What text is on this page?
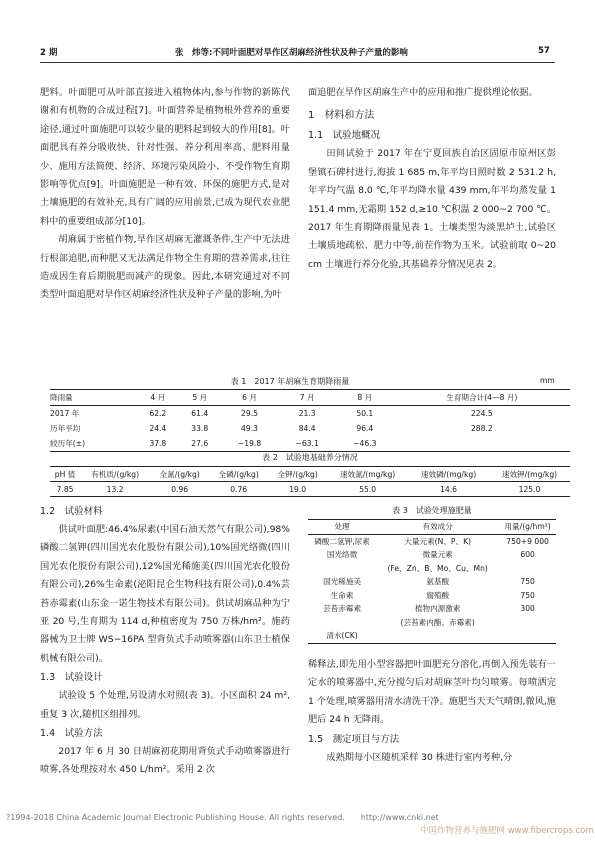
2 期	张　炜等:不同叶面肥对旱作区胡麻经济性状及种子产量的影响	57

肥料。叶面肥可从叶部直接进入植物体内,参与作物的新陈代谢和有机物的合成过程[7]。叶面营养是植物根外营养的重要途径,通过叶面施肥可以较少量的肥料起到较大的作用[8]。叶面肥具有养分吸收快、针对性强、养分利用率高、肥料用量少、施用方法简便、经济、环境污染风险小、不受作物生育期影响等优点[9]。叶面施肥是一种有效、环保的施肥方式,是对土壤施肥的有效补充,具有广阔的应用前景,已成为现代农业肥料中的重要组成部分[10]。

胡麻属于密植作物,旱作区胡麻无灌溉条件,生产中无法进行根部追肥,而种肥又无法满足作物全生育期的营养需求,往往造成因生育后期脱肥而减产的现象。因此,本研究通过对不同类型叶面追肥对旱作区胡麻经济性状及种子产量的影响,为叶

面追肥在旱作区胡麻生产中的应用和推广提供理论依据。

1　材料和方法
1.1　试验地概况

田间试验于 2017 年在宁夏回族自治区固原市原州区彭堡镇石碑村进行,海拔 1 685 m,年平均日照时数 2 531.2 h,年平均气温 8.0 ℃,年平均降水量 439 mm,年平均蒸发量 1 151.4 mm,无霜期 152 d,≥10 ℃积温 2 000~2 700 ℃。2017 年生育期降雨量见表 1。土壤类型为淡黑垆土,试验区土壤质地疏松、肥力中等,前茬作物为玉米。试验前取 0~20 cm 土壤进行养分化验,其基础养分情况见表 2。

表 1　2017 年胡麻生育期降雨量	mm
降雨量	4 月	5 月	6 月	7 月	8 月	生育期合计(4—8 月)
2017 年	62.2	61.4	29.5	21.3	50.1	224.5
历年平均	24.4	33.8	49.3	84.4	96.4	288.2
较历年(±)	37.8	27.6	−19.8	−63.1	−46.3	
表 2　试验地基础养分情况
pH 值	有机质/(g/kg)	全氮/(g/kg)	全磷/(g/kg)	全钾/(g/kg)	速效氮/(mg/kg)	速效磷/(mg/kg)	速效钾/(mg/kg)
7.85	13.2	0.96	0.76	19.0	55.0	14.6	125.0
1.2　试验材料

供试叶面肥:46.4%尿素(中国石油天然气有限公司),98%磷酸二氢钾(四川国光农化股份有限公司),10%国光络微(四川国光农化股份有限公司),12%国光稀施美(四川国光农化股份有限公司),26%生命素(泌阳昆仑生物科技有限公司),0.4%芸苔赤霉素(山东金一诺生物技术有限公司)。供试胡麻品种为宁亚 20 号,生育期为 114 d,种植密度为 750 万株/hm²。施药器械为卫士牌 WS−16PA 型背负式手动喷雾器(山东卫士植保机械有限公司)。

1.3　试验设计

试验设 5 个处理,另设清水对照(表 3)。小区面积 24 m²,重复 3 次,随机区组排列。

1.4　试验方法

2017 年 6 月 30 日胡麻初花期用背负式手动喷雾器进行喷雾,各处理按对水 450 L/hm²。采用 2 次

表 3　试验处理施肥量
处理	有效成分	用量/(g/hm²)
磷酸二氢钾,尿素	大量元素(N、P、K)	750+9 000
国光络微	微量元素	600
	(Fe、Zn、B、Mo、Cu、Mn)	
国光稀施美	氨基酸	750
生命素	腐殖酸	750
芸苔赤霉素	植物内源激素	300
	(芸苔素内酯、赤霉素)	
清水(CK)		

稀释法,即先用小型容器把叶面肥充分溶化,再倒入预先装有一定水的喷雾器中,充分搅匀后对胡麻茎叶均匀喷雾。每喷洒完 1 个处理,喷雾器用清水清洗干净。施肥当天天气晴朗,微风,施肥后 24 h 无降雨。

1.5　测定项目与方法

成熟期每小区随机采样 30 株进行室内考种,分

?1994-2018 China Academic Journal Electronic Publishing House. All rights reserved.　　http://www.cnki.net
中国作物营养与施肥网 www.fibercrops.com
